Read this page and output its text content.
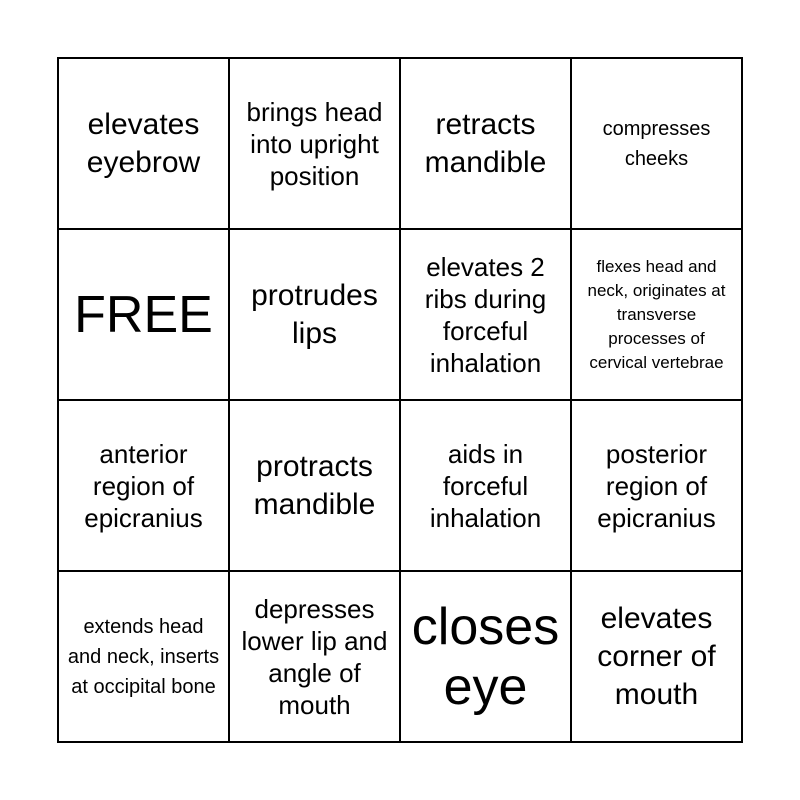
elevates eyebrow
brings head into upright position
retracts mandible
compresses cheeks
FREE	protrudes lips
elevates 2 ribs during forceful inhalation
flexes head and neck, originates at transverse processes of cervical vertebrae
anterior region of epicranius
protracts mandible
aids in forceful inhalation
posterior region of epicranius
extends head and neck, inserts at occipital bone
depresses lower lip and angle of mouth
closes eye
elevates corner of mouth
